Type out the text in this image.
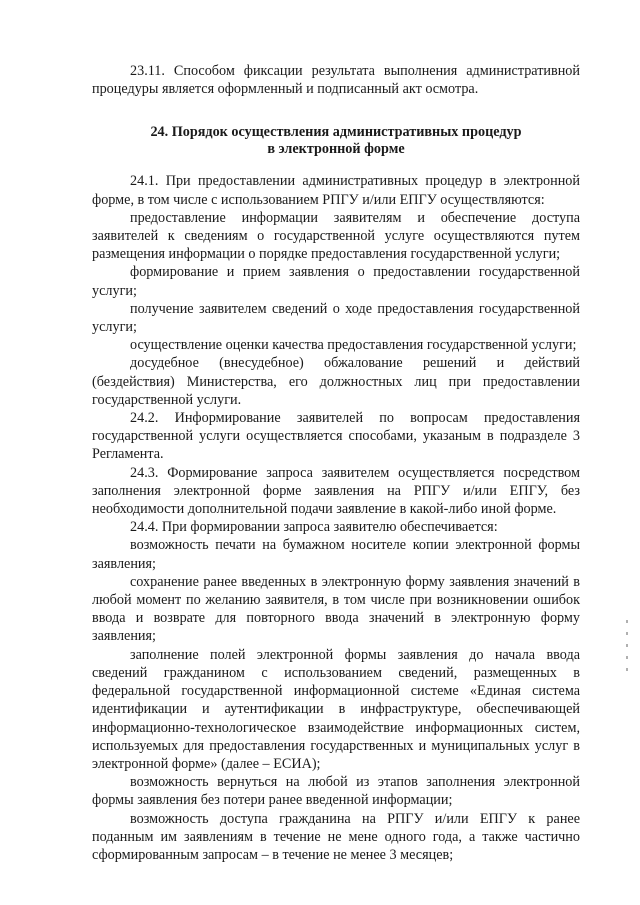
23.11. Способом фиксации результата выполнения административной процедуры является оформленный и подписанный акт осмотра.

24. Порядок осуществления административных процедур
в электронной форме

24.1. При предоставлении административных процедур в электронной форме, в том числе с использованием РПГУ и/или ЕПГУ осуществляются:

предоставление информации заявителям и обеспечение доступа заявителей к сведениям о государственной услуге осуществляются путем размещения информации о порядке предоставления государственной услуги;

формирование и прием заявления о предоставлении государственной услуги;

получение заявителем сведений о ходе предоставления государственной услуги;

осуществление оценки качества предоставления государственной услуги;

досудебное (внесудебное) обжалование решений и действий (бездействия) Министерства, его должностных лиц при предоставлении государственной услуги.

24.2. Информирование заявителей по вопросам предоставления государственной услуги осуществляется способами, указаным в подразделе 3 Регламента.

24.3. Формирование запроса заявителем осуществляется посредством заполнения электронной форме заявления на РПГУ и/или ЕПГУ, без необходимости дополнительной подачи заявление в какой-либо иной форме.

24.4. При формировании запроса заявителю обеспечивается:

возможность печати на бумажном носителе копии электронной формы заявления;

сохранение ранее введенных в электронную форму заявления значений в любой момент по желанию заявителя, в том числе при возникновении ошибок ввода и возврате для повторного ввода значений в электронную форму заявления;

заполнение полей электронной формы заявления до начала ввода сведений гражданином с использованием сведений, размещенных в федеральной государственной информационной системе «Единая система идентификации и аутентификации в инфраструктуре, обеспечивающей информационно-технологическое взаимодействие информационных систем, используемых для предоставления государственных и муниципальных услуг в электронной форме» (далее – ЕСИА);

возможность вернуться на любой из этапов заполнения электронной формы заявления без потери ранее введенной информации;

возможность доступа гражданина на РПГУ и/или ЕПГУ к ранее поданным им заявлениям в течение не мене одного года, а также частично сформированным запросам – в течение не менее 3 месяцев;
